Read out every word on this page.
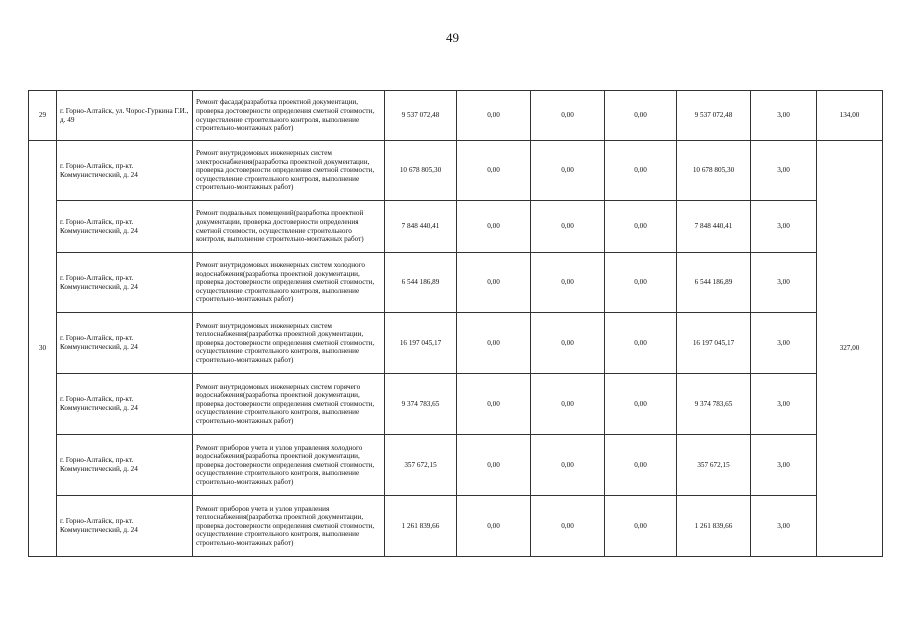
49
29	г. Горно-Алтайск, ул. Чорос-Гуркина Г.И., д. 49	Ремонт фасада(разработка проектной документации, проверка достоверности определения сметной стоимости, осуществление строительного контроля, выполнение строительно-монтажных работ)	9 537 072,48	0,00	0,00	0,00	9 537 072,48	3,00	134,00
30	г. Горно-Алтайск, пр-кт. Коммунистический, д. 24	Ремонт внутридомовых инженерных систем электроснабжения(разработка проектной документации, проверка достоверности определения сметной стоимости, осуществление строительного контроля, выполнение строительно-монтажных работ)	10 678 805,30	0,00	0,00	0,00	10 678 805,30	3,00	327,00
	г. Горно-Алтайск, пр-кт. Коммунистический, д. 24	Ремонт подвальных помещений(разработка проектной документации, проверка достоверности определения сметной стоимости, осуществление строительного контроля, выполнение строительно-монтажных работ)	7 848 440,41	0,00	0,00	0,00	7 848 440,41	3,00	
	г. Горно-Алтайск, пр-кт. Коммунистический, д. 24	Ремонт внутридомовых инженерных систем холодного водоснабжения(разработка проектной документации, проверка достоверности определения сметной стоимости, осуществление строительного контроля, выполнение строительно-монтажных работ)	6 544 186,89	0,00	0,00	0,00	6 544 186,89	3,00	
	г. Горно-Алтайск, пр-кт. Коммунистический, д. 24	Ремонт внутридомовых инженерных систем теплоснабжения(разработка проектной документации, проверка достоверности определения сметной стоимости, осуществление строительного контроля, выполнение строительно-монтажных работ)	16 197 045,17	0,00	0,00	0,00	16 197 045,17	3,00	
	г. Горно-Алтайск, пр-кт. Коммунистический, д. 24	Ремонт внутридомовых инженерных систем горячего водоснабжения(разработка проектной документации, проверка достоверности определения сметной стоимости, осуществление строительного контроля, выполнение строительно-монтажных работ)	9 374 783,65	0,00	0,00	0,00	9 374 783,65	3,00	
	г. Горно-Алтайск, пр-кт. Коммунистический, д. 24	Ремонт приборов учета и узлов управления холодного водоснабжения(разработка проектной документации, проверка достоверности определения сметной стоимости, осуществление строительного контроля, выполнение строительно-монтажных работ)	357 672,15	0,00	0,00	0,00	357 672,15	3,00	
	г. Горно-Алтайск, пр-кт. Коммунистический, д. 24	Ремонт приборов учета и узлов управления теплоснабжения(разработка проектной документации, проверка достоверности определения сметной стоимости, осуществление строительного контроля, выполнение строительно-монтажных работ)	1 261 839,66	0,00	0,00	0,00	1 261 839,66	3,00	
